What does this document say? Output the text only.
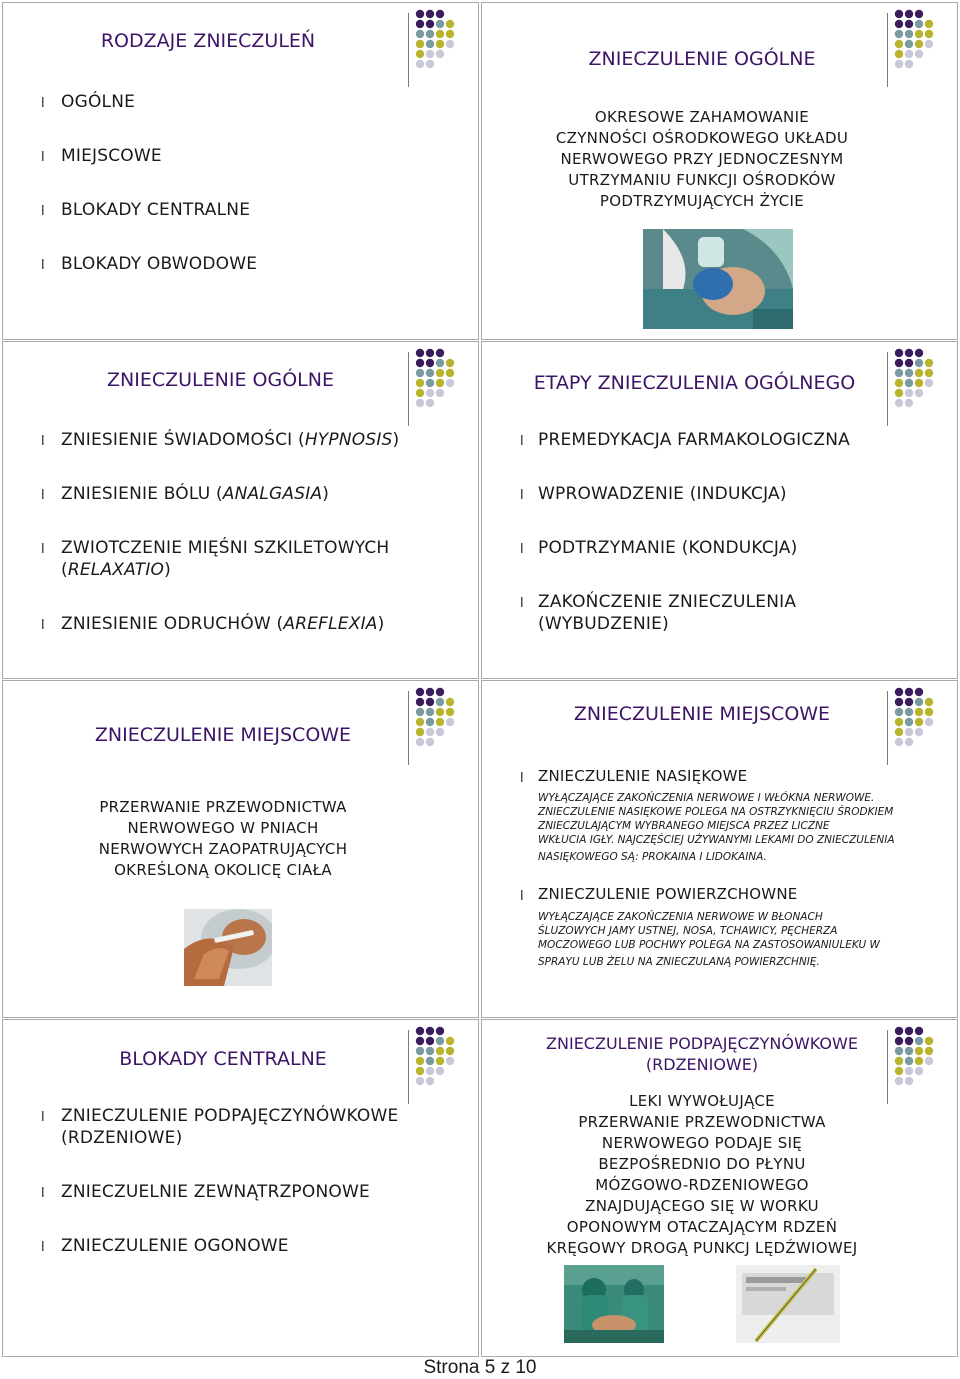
RODZAJE ZNIECZULEŃ
l OGÓLNE
l MIEJSCOWE
l BLOKADY CENTRALNE
l BLOKADY OBWODOWE
ZNIECZULENIE OGÓLNE
OKRESOWE ZAHAMOWANIE
CZYNNOŚCI OŚRODKOWEGO UKŁADU
NERWOWEGO PRZY JEDNOCZESNYM
UTRZYMANIU FUNKCJI OŚRODKÓW
PODTRZYMUJĄCYCH ŻYCIE
ZNIECZULENIE OGÓLNE
l ZNIESIENIE ŚWIADOMOŚCI (HYPNOSIS)
l ZNIESIENIE BÓLU (ANALGASIA)
l ZWIOTCZENIE MIĘŚNI SZKILETOWYCH
(RELAXATIO)
l ZNIESIENIE ODRUCHÓW (AREFLEXIA)
ETAPY ZNIECZULENIA OGÓLNEGO
l PREMEDYKACJA FARMAKOLOGICZNA
l WPROWADZENIE (INDUKCJA)
l PODTRZYMANIE (KONDUKCJA)
l ZAKOŃCZENIE ZNIECZULENIA
(WYBUDZENIE)
ZNIECZULENIE MIEJSCOWE
PRZERWANIE PRZEWODNICTWA
NERWOWEGO W PNIACH
NERWOWYCH ZAOPATRUJĄCYCH
OKREŚLONĄ OKOLICĘ CIAŁA
ZNIECZULENIE MIEJSCOWE
l ZNIECZULENIE NASIĘKOWE
WYŁĄCZAJĄCE ZAKOŃCZENIA NERWOWE I WŁÓKNA NERWOWE.
ZNIECZULENIE NASIĘKOWE POLEGA NA OSTRZYKNIĘCIU ŚRODKIEM
ZNIECZULAJĄCYM WYBRANEGO MIEJSCA PRZEZ LICZNE
WKŁUCIA IGŁY. NAJCZĘŚCIEJ UŻYWANYMI LEKAMI DO ZNIECZULENIA
NASIĘKOWEGO SĄ: PROKAINA I LIDOKAINA.
l ZNIECZULENIE POWIERZCHOWNE
WYŁĄCZAJĄCE ZAKOŃCZENIA NERWOWE W BŁONACH
ŚLUZOWYCH JAMY USTNEJ, NOSA, TCHAWICY, PĘCHERZA
MOCZOWEGO LUB POCHWY POLEGA NA ZASTOSOWANIULEKU W
SPRAYU LUB ŻELU NA ZNIECZULANĄ POWIERZCHNIĘ.
BLOKADY CENTRALNE
l ZNIECZULENIE PODPAJĘCZYNÓWKOWE
(RDZENIOWE)
l ZNIECZUELNIE ZEWNĄTRZPONOWE
l ZNIECZULENIE OGONOWE
ZNIECZULENIE PODPAJĘCZYNÓWKOWE
(RDZENIOWE)
LEKI WYWOŁUJĄCE
PRZERWANIE PRZEWODNICTWA
NERWOWEGO PODAJE SIĘ
BEZPOŚREDNIO DO PŁYNU
MÓZGOWO-RDZENIOWEGO
ZNAJDUJĄCEGO SIĘ W WORKU
OPONOWYM OTACZAJĄCYM RDZEŃ
KRĘGOWY DROGĄ PUNKCJ LĘDŹWIOWEJ
Strona 5 z 10
